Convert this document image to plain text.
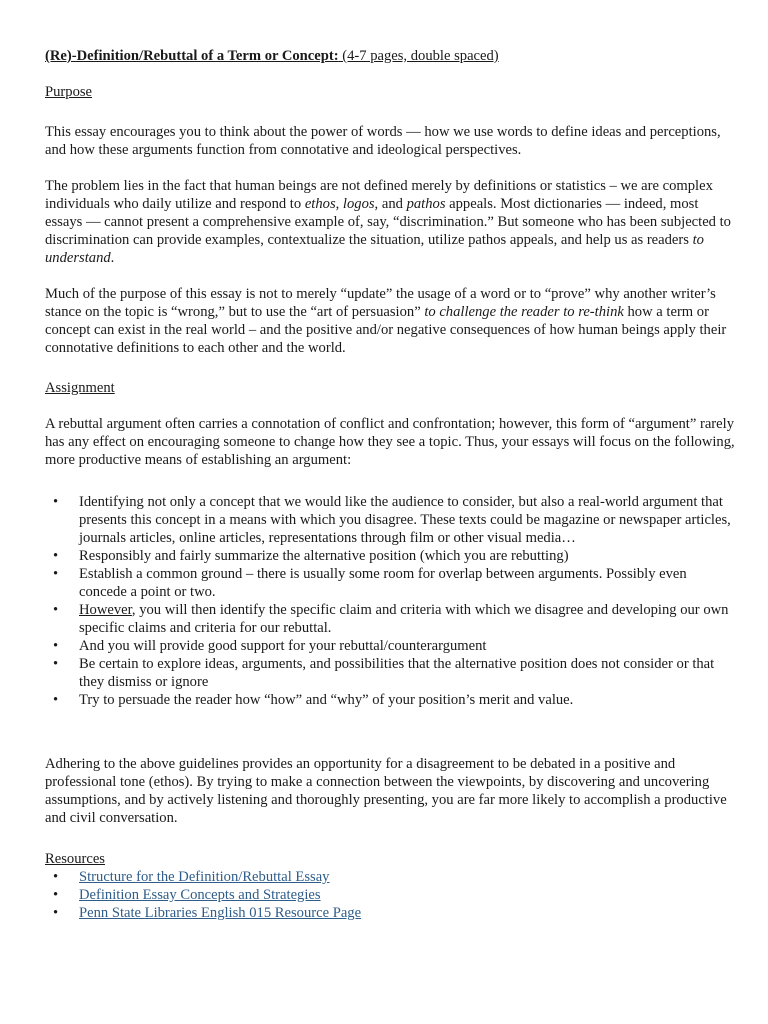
(Re)-Definition/Rebuttal of a Term or Concept: (4-7 pages, double spaced)
Purpose

This essay encourages you to think about the power of words — how we use words to define ideas and perceptions, and how these arguments function from connotative and ideological perspectives.

The problem lies in the fact that human beings are not defined merely by definitions or statistics – we are complex individuals who daily utilize and respond to ethos, logos, and pathos appeals. Most dictionaries — indeed, most essays — cannot present a comprehensive example of, say, “discrimination.” But someone who has been subjected to discrimination can provide examples, contextualize the situation, utilize pathos appeals, and help us as readers to understand.

Much of the purpose of this essay is not to merely “update” the usage of a word or to “prove” why another writer’s stance on the topic is “wrong,” but to use the “art of persuasion” to challenge the reader to re-think how a term or concept can exist in the real world – and the positive and/or negative consequences of how human beings apply their connotative definitions to each other and the world.

Assignment

A rebuttal argument often carries a connotation of conflict and confrontation; however, this form of “argument” rarely has any effect on encouraging someone to change how they see a topic. Thus, your essays will focus on the following, more productive means of establishing an argument:

• Identifying not only a concept that we would like the audience to consider, but also a real-world argument that presents this concept in a means with which you disagree. These texts could be magazine or newspaper articles, journals articles, online articles, representations through film or other visual media…
• Responsibly and fairly summarize the alternative position (which you are rebutting)
• Establish a common ground – there is usually some room for overlap between arguments. Possibly even concede a point or two.
• However, you will then identify the specific claim and criteria with which we disagree and developing our own specific claims and criteria for our rebuttal.
• And you will provide good support for your rebuttal/counterargument
• Be certain to explore ideas, arguments, and possibilities that the alternative position does not consider or that they dismiss or ignore
• Try to persuade the reader how “how” and “why” of your position’s merit and value.

Adhering to the above guidelines provides an opportunity for a disagreement to be debated in a positive and professional tone (ethos). By trying to make a connection between the viewpoints, by discovering and uncovering assumptions, and by actively listening and thoroughly presenting, you are far more likely to accomplish a productive and civil conversation.

Resources
• Structure for the Definition/Rebuttal Essay
• Definition Essay Concepts and Strategies
• Penn State Libraries English 015 Resource Page
